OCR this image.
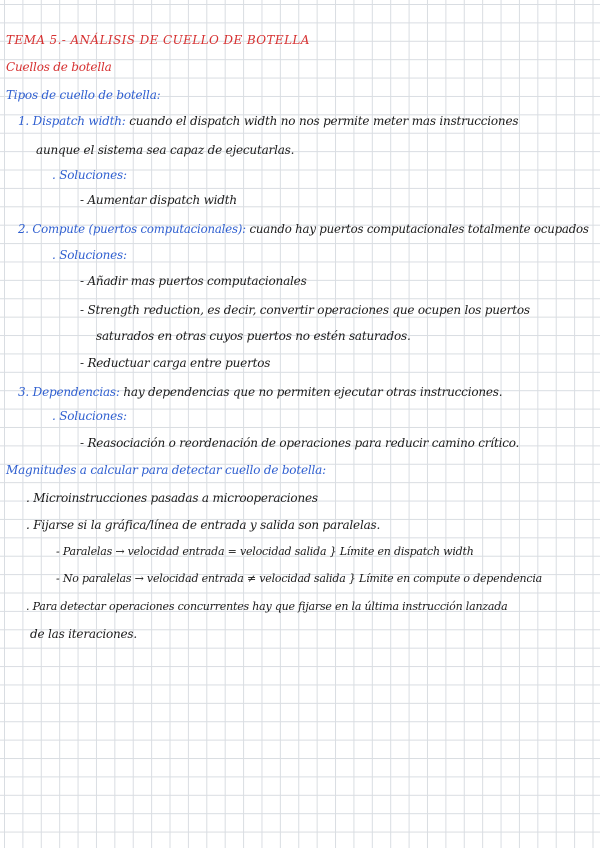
TEMA 5.- ANÁLISIS DE CUELLO DE BOTELLA
Cuellos de botella
Tipos de cuello de botella:
1. Dispatch width: cuando el dispatch width no nos permite meter mas instrucciones
aunque el sistema sea capaz de ejecutarlas.
. Soluciones:
- Aumentar dispatch width
2. Compute (puertos computacionales): cuando hay puertos computacionales totalmente ocupados
. Soluciones:
- Añadir mas puertos computacionales
- Strength reduction, es decir, convertir operaciones que ocupen los puertos
saturados en otras cuyos puertos no estén saturados.
- Reductuar carga entre puertos
3. Dependencias: hay dependencias que no permiten ejecutar otras instrucciones.
. Soluciones:
- Reasociación o reordenación de operaciones para reducir camino crítico.
Magnitudes a calcular para detectar cuello de botella:
. Microinstrucciones pasadas a microoperaciones
. Fijarse si la gráfica/línea de entrada y salida son paralelas.
- Paralelas → velocidad entrada = velocidad salida } Límite en dispatch width
- No paralelas → velocidad entrada ≠ velocidad salida } Límite en compute o dependencia
. Para detectar operaciones concurrentes hay que fijarse en la última instrucción lanzada
de las iteraciones.
